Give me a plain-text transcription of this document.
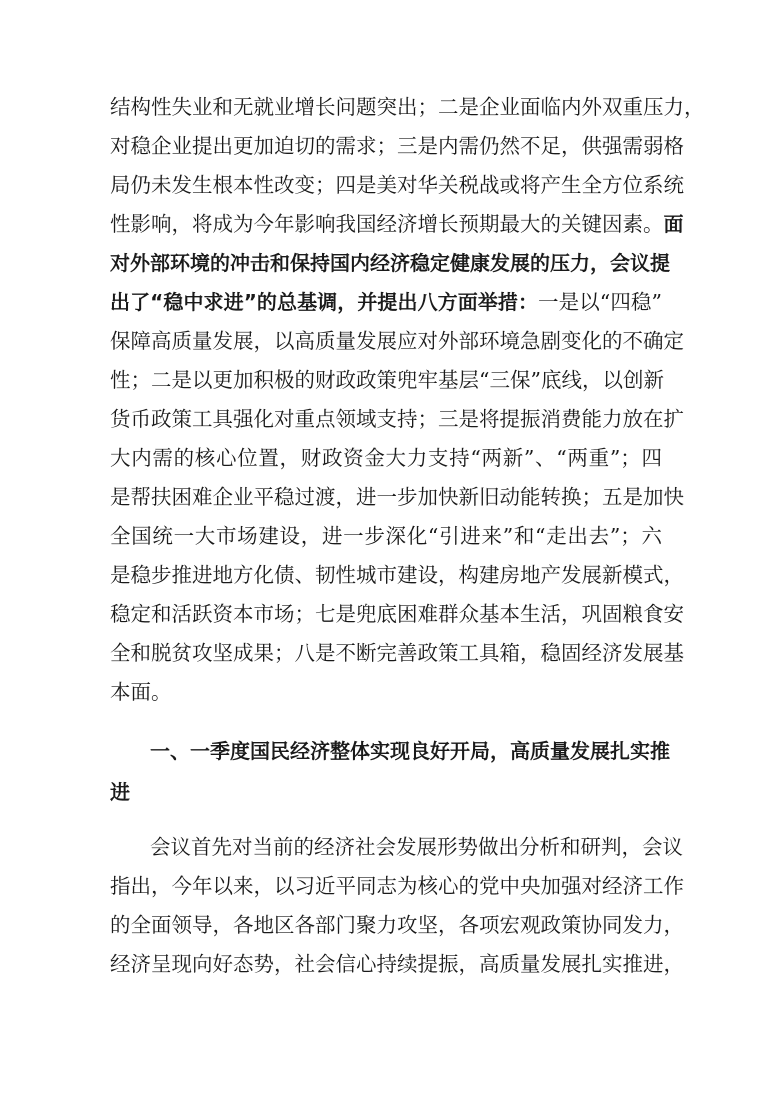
结构性失业和无就业增长问题突出；二是企业面临内外双重压力，
对稳企业提出更加迫切的需求；三是内需仍然不足，供强需弱格
局仍未发生根本性改变；四是美对华关税战或将产生全方位系统
性影响，将成为今年影响我国经济增长预期最大的关键因素。面
对外部环境的冲击和保持国内经济稳定健康发展的压力，会议提
出了“稳中求进”的总基调，并提出八方面举措：一是以“四稳”
保障高质量发展，以高质量发展应对外部环境急剧变化的不确定
性；二是以更加积极的财政政策兜牢基层“三保”底线，以创新
货币政策工具强化对重点领域支持；三是将提振消费能力放在扩
大内需的核心位置，财政资金大力支持“两新”、“两重”；四
是帮扶困难企业平稳过渡，进一步加快新旧动能转换；五是加快
全国统一大市场建设，进一步深化“引进来”和“走出去”；六
是稳步推进地方化债、韧性城市建设，构建房地产发展新模式，
稳定和活跃资本市场；七是兜底困难群众基本生活，巩固粮食安
全和脱贫攻坚成果；八是不断完善政策工具箱，稳固经济发展基
本面。
一、一季度国民经济整体实现良好开局，高质量发展扎实推
进
会议首先对当前的经济社会发展形势做出分析和研判，会议
指出，今年以来，以习近平同志为核心的党中央加强对经济工作
的全面领导，各地区各部门聚力攻坚，各项宏观政策协同发力，
经济呈现向好态势，社会信心持续提振，高质量发展扎实推进，
